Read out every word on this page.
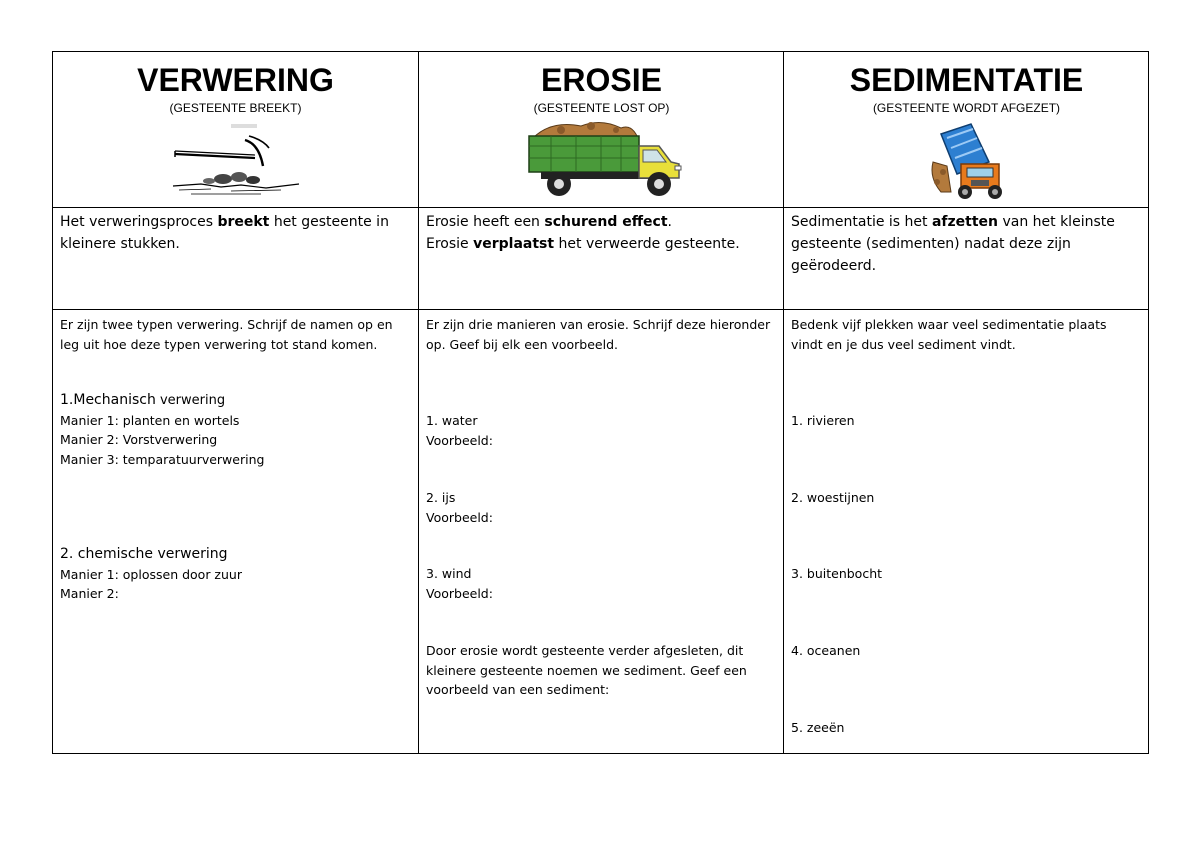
VERWERING
(GESTEENTE BREEKT)

Het verweringsproces breekt het gesteente in kleinere stukken.

Er zijn twee typen verwering. Schrijf de namen op en leg uit hoe deze typen verwering tot stand komen.

1.Mechanisch verwering

Manier 1: planten en wortels

Manier 2: Vorstverwering

Manier 3: temparatuurverwering

2. chemische verwering

Manier 1: oplossen door zuur

Manier 2:

EROSIE
(GESTEENTE LOST OP)

Erosie heeft een schurend effect.

Erosie verplaatst het verweerde gesteente.

Er zijn drie manieren van erosie. Schrijf deze hieronder op. Geef bij elk een voorbeeld.

1. water

Voorbeeld:

2. ijs

Voorbeeld:

3. wind

Voorbeeld:

Door erosie wordt gesteente verder afgesleten, dit kleinere gesteente noemen we sediment. Geef een voorbeeld van een sediment:

SEDIMENTATIE
(GESTEENTE WORDT AFGEZET)

Sedimentatie is het afzetten van het kleinste gesteente (sedimenten) nadat deze zijn geërodeerd.

Bedenk vijf plekken waar veel sedimentatie plaats vindt en je dus veel sediment vindt.

1. rivieren

2. woestijnen

3. buitenbocht

4. oceanen

5. zeeën
